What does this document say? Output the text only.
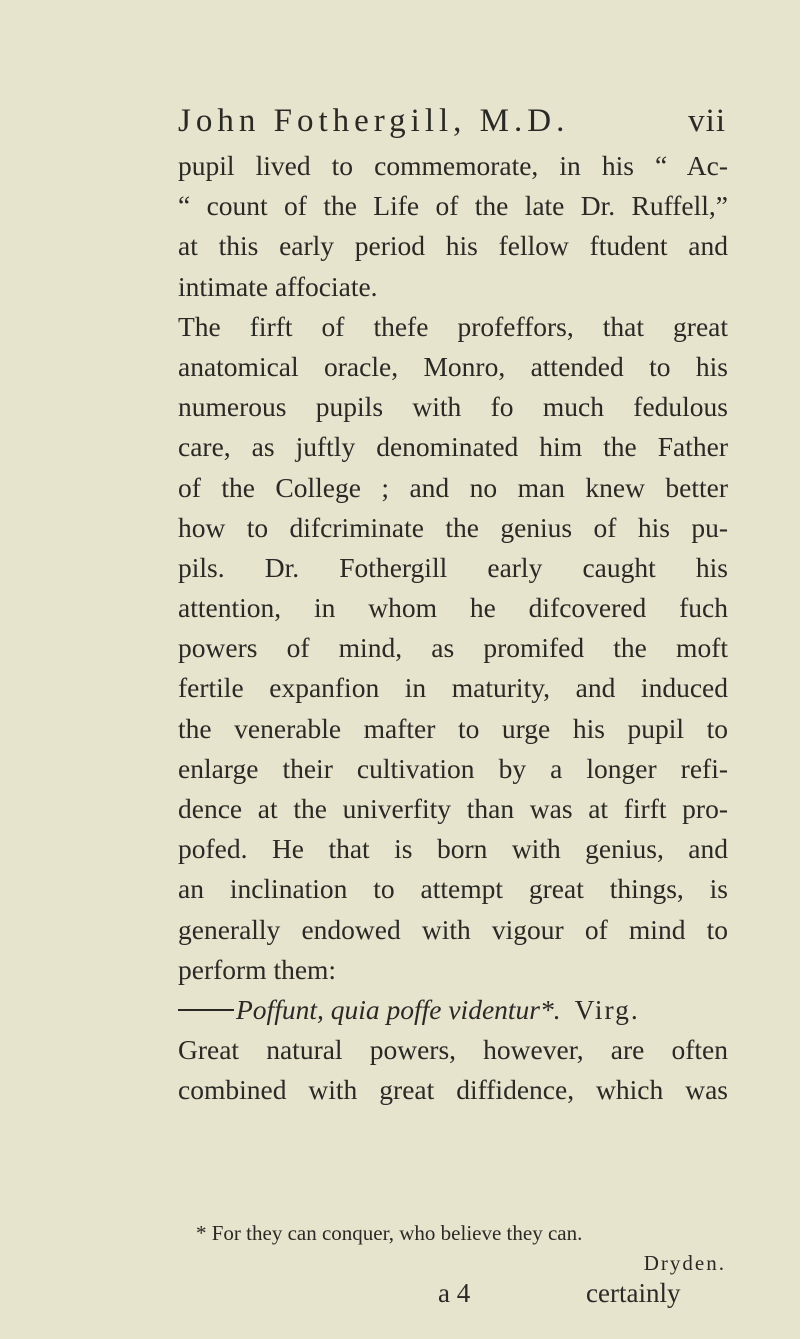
John Fothergill, M.D.	vii
pupil lived to commemorate, in his “ Ac-
“ count of the Life of the late Dr. Ruffell,”
at this early period his fellow ftudent and
intimate affociate.
The firft of thefe profeffors, that great
anatomical oracle, Monro, attended to his
numerous pupils with fo much fedulous
care, as juftly denominated him the Father
of the College ; and no man knew better
how to difcriminate the genius of his pu-
pils. Dr. Fothergill early caught his
attention, in whom he difcovered fuch
powers of mind, as promifed the moft
fertile expanfion in maturity, and induced
the venerable mafter to urge his pupil to
enlarge their cultivation by a longer refi-
dence at the univerfity than was at firft pro-
pofed. He that is born with genius, and
an inclination to attempt great things, is
generally endowed with vigour of mind to
perform them:
Poffunt, quia poffe videntur*. Virg.
Great natural powers, however, are often
combined with great diffidence, which was
* For they can conquer, who believe they can.
Dryden.
a 4	certainly
